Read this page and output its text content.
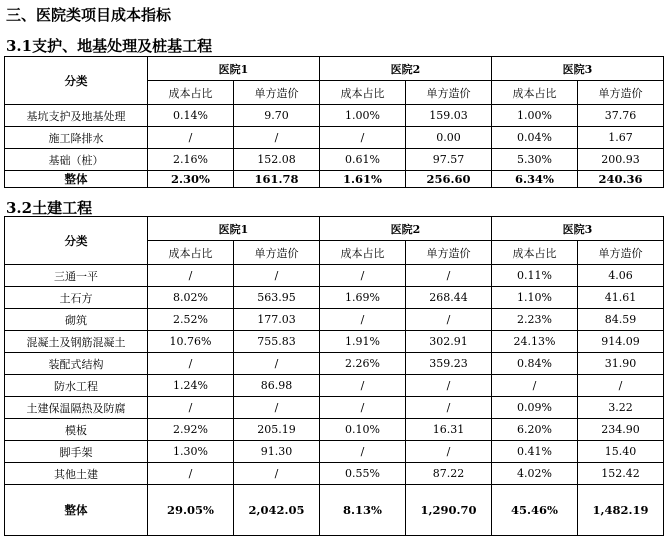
三、医院类项目成本指标
3.1支护、地基处理及桩基工程
分类	医院1		医院2		医院3	
	成本占比	单方造价	成本占比	单方造价	成本占比	单方造价
基坑支护及地基处理	0.14%	9.70	1.00%	159.03	1.00%	37.76
施工降排水	/	/	/	0.00	0.04%	1.67
基础（桩）	2.16%	152.08	0.61%	97.57	5.30%	200.93
整体	2.30%	161.78	1.61%	256.60	6.34%	240.36
3.2土建工程
分类	医院1		医院2		医院3	
	成本占比	单方造价	成本占比	单方造价	成本占比	单方造价
三通一平	/	/	/	/	0.11%	4.06
土石方	8.02%	563.95	1.69%	268.44	1.10%	41.61
砌筑	2.52%	177.03	/	/	2.23%	84.59
混凝土及钢筋混凝土	10.76%	755.83	1.91%	302.91	24.13%	914.09
装配式结构	/	/	2.26%	359.23	0.84%	31.90
防水工程	1.24%	86.98	/	/	/	/
土建保温隔热及防腐	/	/	/	/	0.09%	3.22
模板	2.92%	205.19	0.10%	16.31	6.20%	234.90
脚手架	1.30%	91.30	/	/	0.41%	15.40
其他土建	/	/	0.55%	87.22	4.02%	152.42
整体	29.05%	2,042.05	8.13%	1,290.70	45.46%	1,482.19
